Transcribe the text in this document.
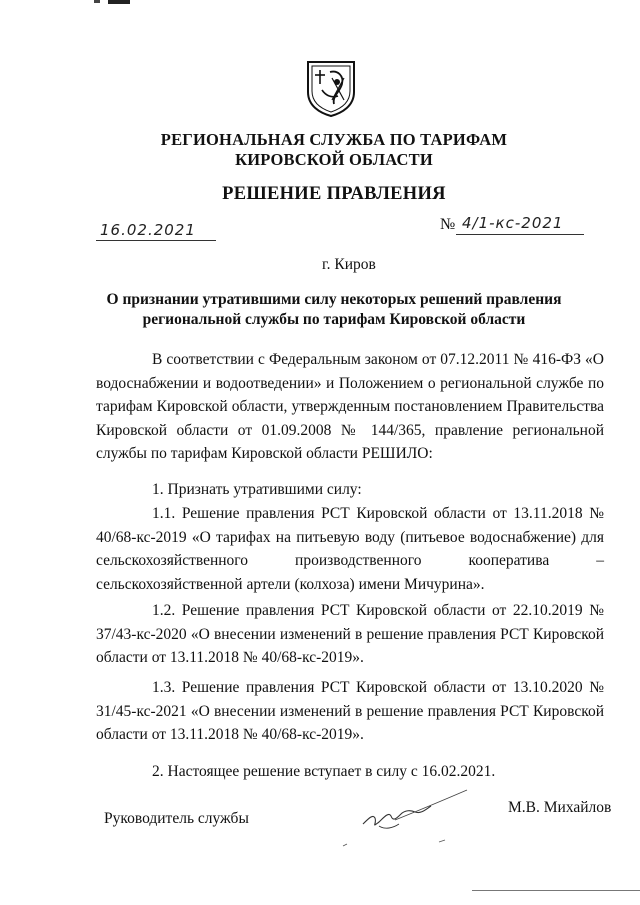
РЕГИОНАЛЬНАЯ СЛУЖБА ПО ТАРИФАМ
КИРОВСКОЙ ОБЛАСТИ
РЕШЕНИЕ ПРАВЛЕНИЯ
16.02.2021	№ 4/1-кс-2021
г. Киров
О признании утратившими силу некоторых решений правления
региональной службы по тарифам Кировской области
В соответствии с Федеральным законом от 07.12.2011 № 416-ФЗ «О водоснабжении и водоотведении» и Положением о региональной службе по тарифам Кировской области, утвержденным постановлением Правительства Кировской области от 01.09.2008 № 144/365, правление региональной службы по тарифам Кировской области РЕШИЛО:
1. Признать утратившими силу:
1.1. Решение правления РСТ Кировской области от 13.11.2018 № 40/68-кс-2019 «О тарифах на питьевую воду (питьевое водоснабжение) для сельскохозяйственного производственного кооператива – сельскохозяйственной артели (колхоза) имени Мичурина».
1.2. Решение правления РСТ Кировской области от 22.10.2019 № 37/43-кс-2020 «О внесении изменений в решение правления РСТ Кировской области от 13.11.2018 № 40/68-кс-2019».
1.3. Решение правления РСТ Кировской области от 13.10.2020 № 31/45-кс-2021 «О внесении изменений в решение правления РСТ Кировской области от 13.11.2018 № 40/68-кс-2019».
2. Настоящее решение вступает в силу с 16.02.2021.
Руководитель службы
М.В. Михайлов
